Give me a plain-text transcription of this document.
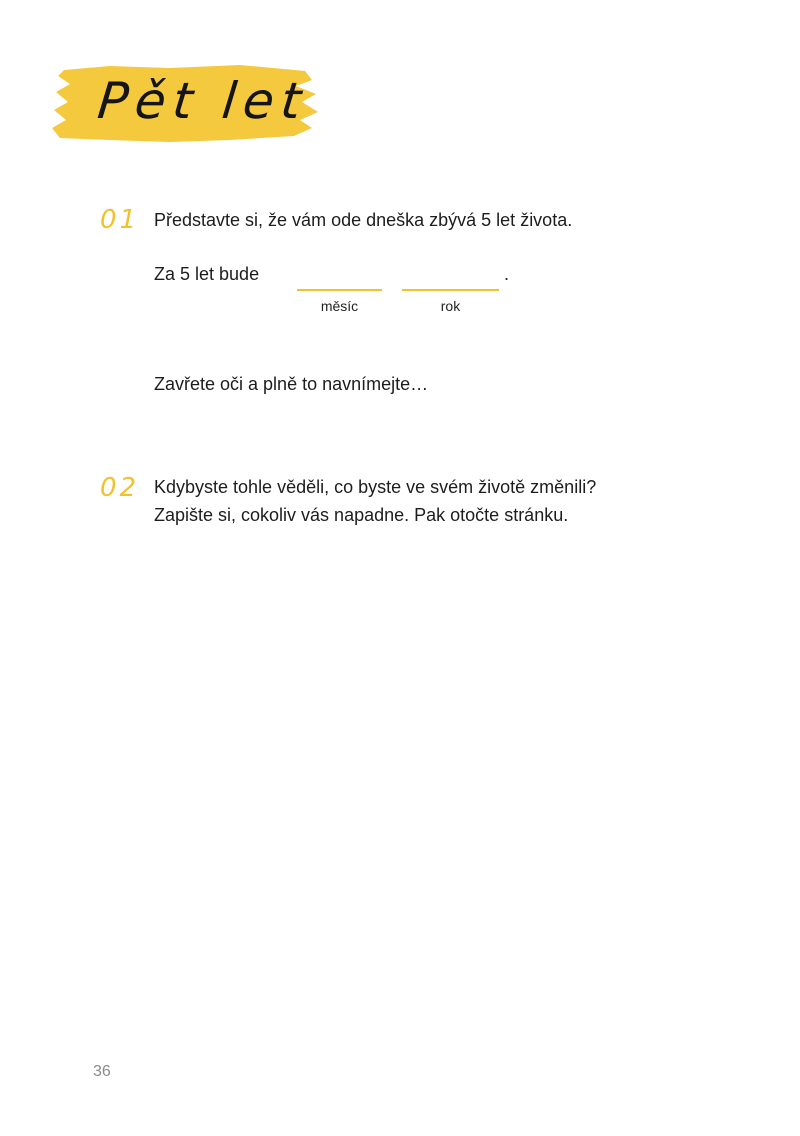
Pět let
01 Představte si, že vám ode dneška zbývá 5 let života.
Za 5 let bude	.
měsíc	rok
Zavřete oči a plně to navnímejte…
02 Kdybyste tohle věděli, co byste ve svém životě změnili?
Zapište si, cokoliv vás napadne. Pak otočte stránku.
36
